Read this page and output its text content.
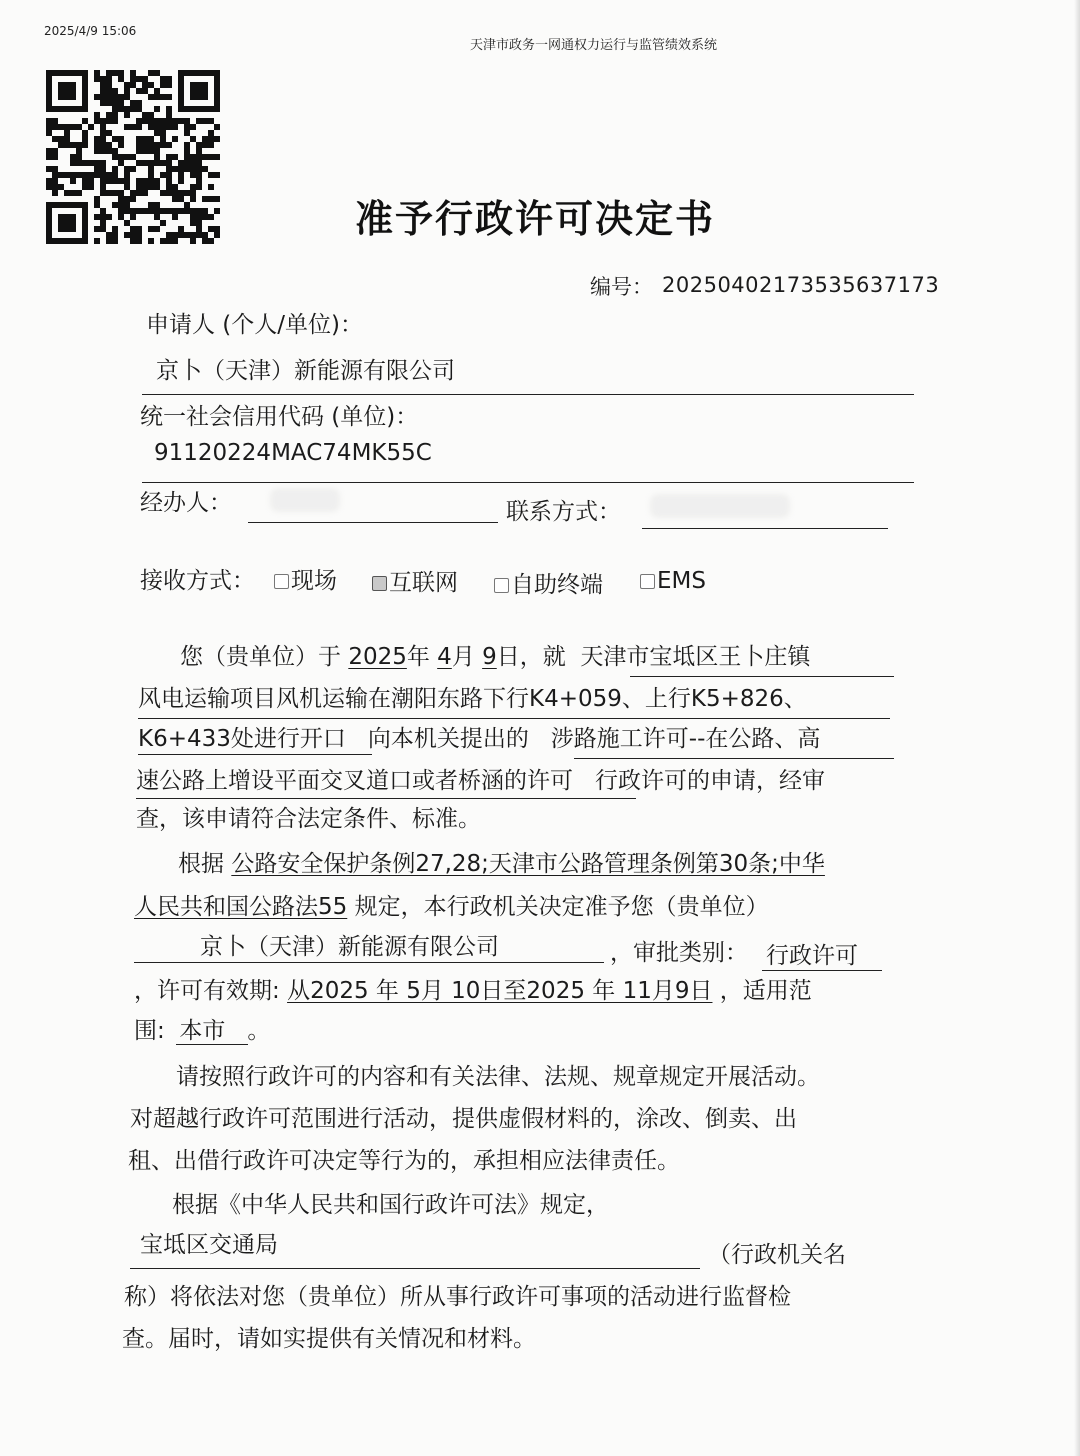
2025/4/9 15:06
天津市政务一网通权力运行与监管绩效系统
准予行政许可决定书
编号： 20250402173535637173
申请人 (个人/单位)：
京卜（天津）新能源有限公司
统一社会信用代码 (单位)：
91120224MAC74MK55C
经办人：	联系方式：
接收方式：	现场	互联网	自助终端	EMS
您（贵单位）于 2025年 4月 9日，就 天津市宝坻区王卜庄镇
风电运输项目风机运输在潮阳东路下行K4+059、上行K5+826、
K6+433处进行开口 向本机关提出的 涉路施工许可--在公路、高
速公路上增设平面交叉道口或者桥涵的许可 行政许可的申请，经审
查，该申请符合法定条件、标准。
根据 公路安全保护条例27,28;天津市公路管理条例第30条;中华
人民共和国公路法55 规定，本行政机关决定准予您（贵单位）
京卜（天津）新能源有限公司	，审批类别： 行政许可
，许可有效期: 从2025 年 5月 10日至2025 年 11月9日 ，适用范
围: 本市 。
请按照行政许可的内容和有关法律、法规、规章规定开展活动。
对超越行政许可范围进行活动，提供虚假材料的，涂改、倒卖、出
租、出借行政许可决定等行为的，承担相应法律责任。
根据《中华人民共和国行政许可法》规定，
宝坻区交通局	（行政机关名
称）将依法对您（贵单位）所从事行政许可事项的活动进行监督检
查。届时，请如实提供有关情况和材料。
